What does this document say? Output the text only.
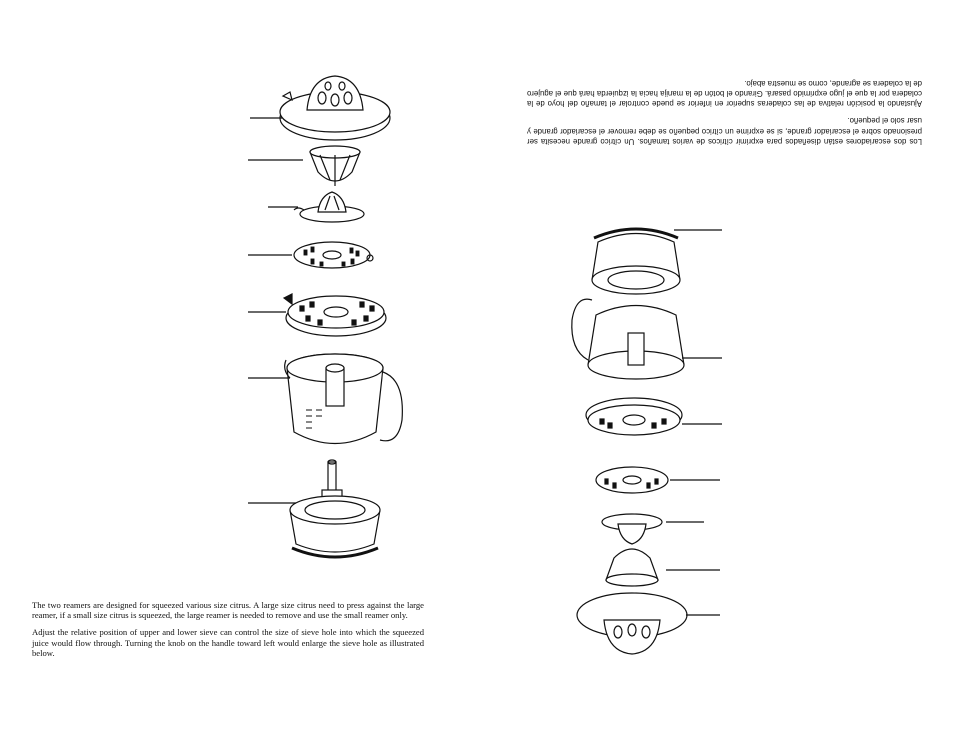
The two reamers are designed for squeezed various size citrus. A large size citrus need to press against the large reamer, if a small size citrus is squeezed, the large reamer is needed to remove and use the small reamer only.

Adjust the relative position of upper and lower sieve can control the size of sieve hole into which the squeezed juice would flow through. Turning the knob on the handle toward left would enlarge the sieve hole as illustrated below.

Los dos escariadores están diseñados para exprimir cítricos de varios tamaños. Un cítrico grande necesita ser presionado sobre el escariador grande, si se exprime un cítrico pequeño se debe remover el escariador grande y usar solo el pequeño.

Ajustando la posición relativa de las coladeras superior en inferior se puede controlar el tamaño del hoyo de la coladera por la que el jugo exprimido pasará. Girando el botón de la manija hacia la izquierda hará que el agujero de la coladera se agrande, como se muestra abajo.
